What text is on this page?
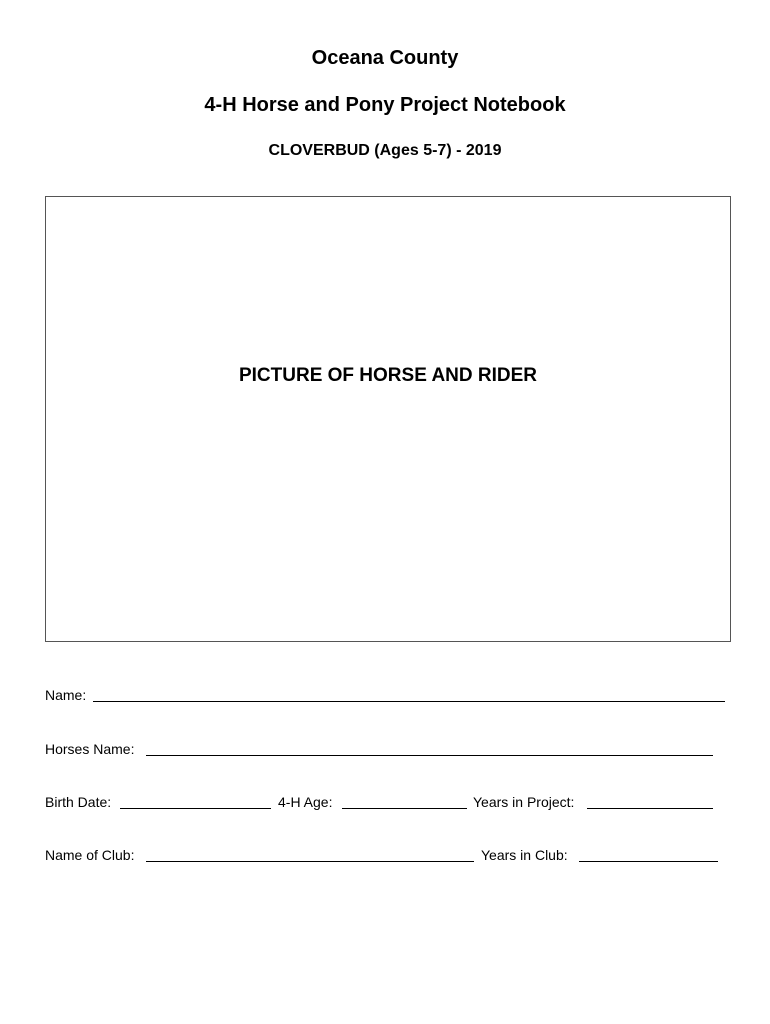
Oceana County
4-H Horse and Pony Project Notebook
CLOVERBUD (Ages 5-7) - 2019
PICTURE OF HORSE AND RIDER
Name:
Horses Name:
Birth Date:	4-H Age:	Years in Project:
Name of Club:	Years in Club:
